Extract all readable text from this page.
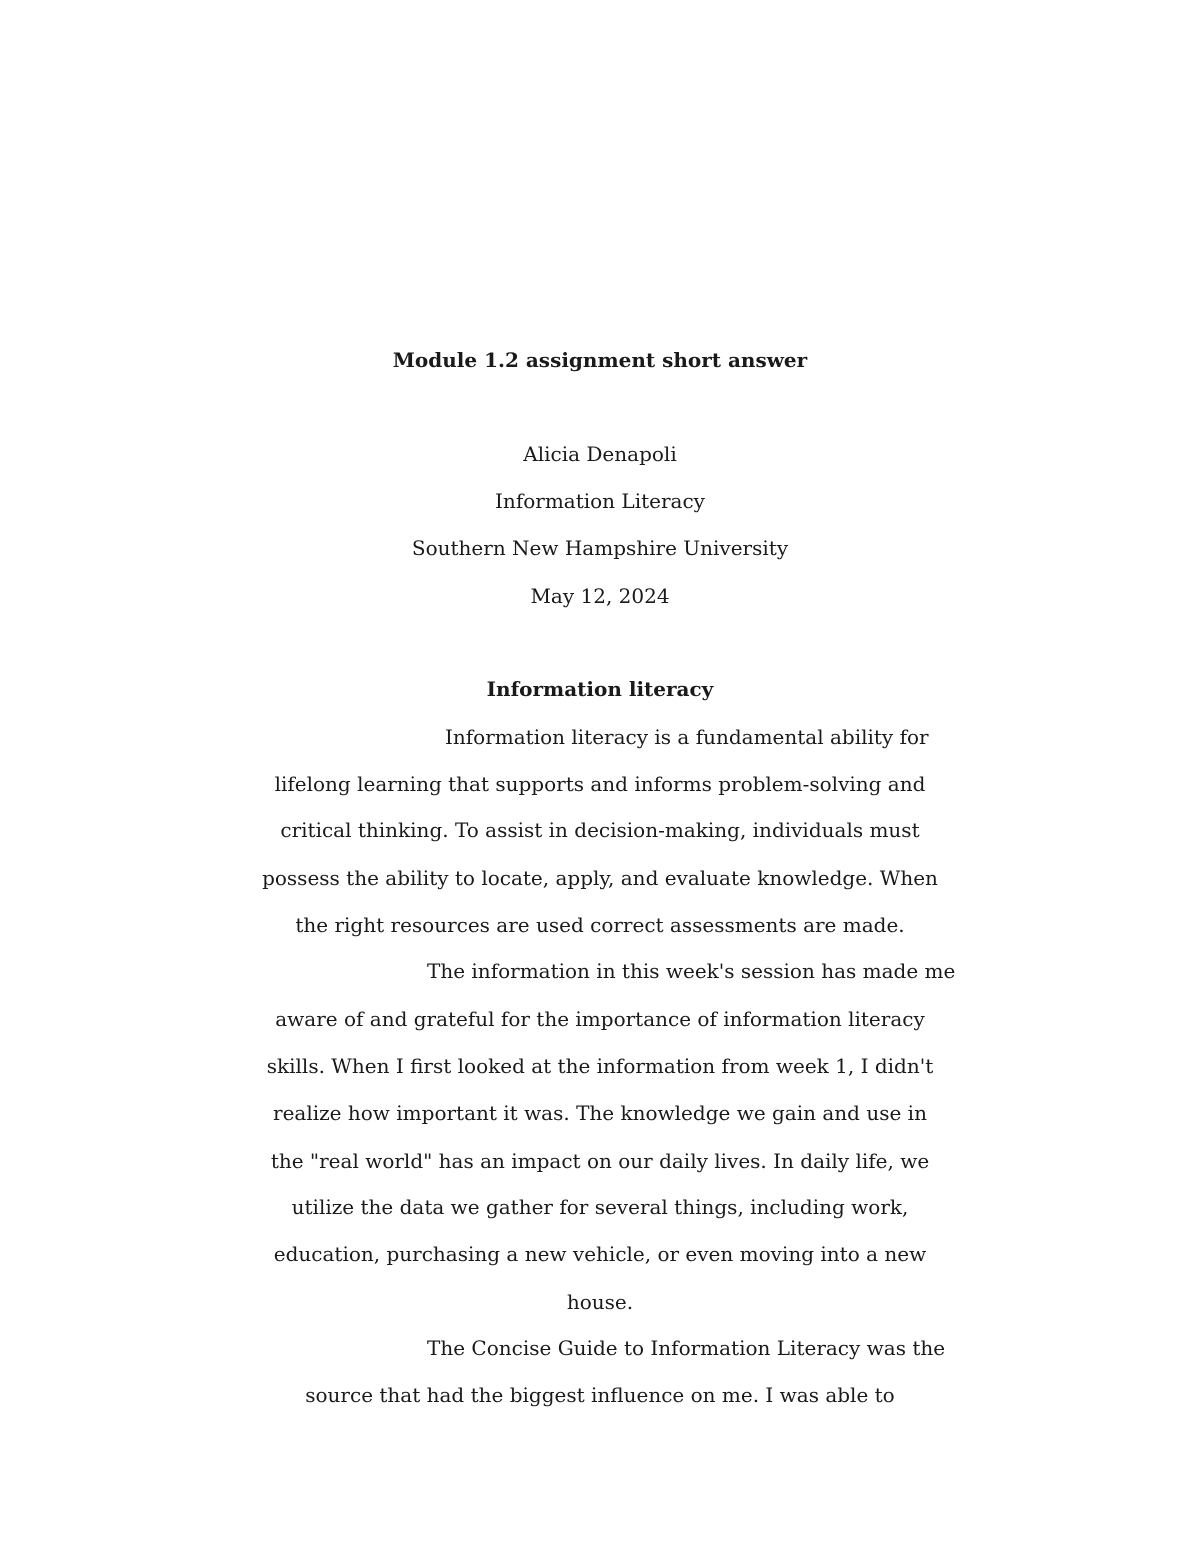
Module 1.2 assignment short answer
Alicia Denapoli
Information Literacy
Southern New Hampshire University
May 12, 2024
Information literacy
Information literacy is a fundamental ability for
lifelong learning that supports and informs problem-solving and
critical thinking. To assist in decision-making, individuals must
possess the ability to locate, apply, and evaluate knowledge. When
the right resources are used correct assessments are made.
The information in this week's session has made me
aware of and grateful for the importance of information literacy
skills. When I first looked at the information from week 1, I didn't
realize how important it was. The knowledge we gain and use in
the "real world" has an impact on our daily lives. In daily life, we
utilize the data we gather for several things, including work,
education, purchasing a new vehicle, or even moving into a new
house.
The Concise Guide to Information Literacy was the
source that had the biggest influence on me. I was able to
